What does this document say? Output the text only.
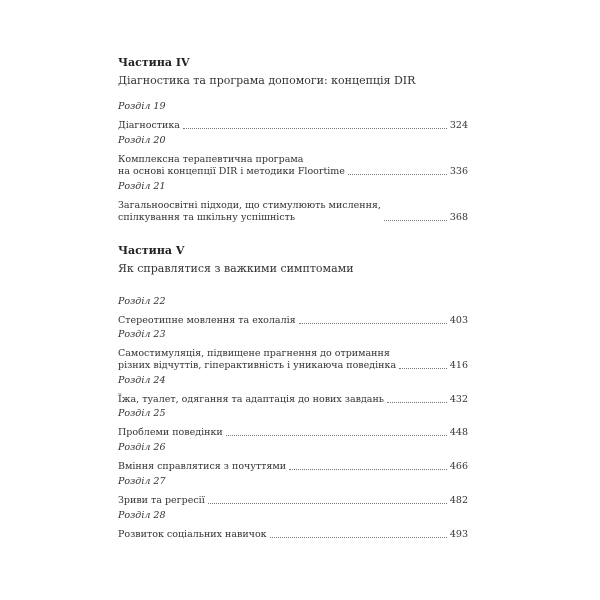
Частина IV
Діагностика та програма допомоги: концепція DIR
Розділ 19
Діагностика	324
Розділ 20
Комплексна терапевтична програма
на основі концепції DIR і методики Floortime	336
Розділ 21
Загальноосвітні підходи, що стимулюють мислення,
спілкування та шкільну успішність	368
Частина V
Як справлятися з важкими симптомами
Розділ 22
Стереотипне мовлення та ехолалія	403
Розділ 23
Самостимуляція, підвищене прагнення до отримання
різних відчуттів, гіперактивність і уникаюча поведінка	416
Розділ 24
Їжа, туалет, одягання та адаптація до нових завдань	432
Розділ 25
Проблеми поведінки	448
Розділ 26
Вміння справлятися з почуттями	466
Розділ 27
Зриви та регресії	482
Розділ 28
Розвиток соціальних навичок	493
